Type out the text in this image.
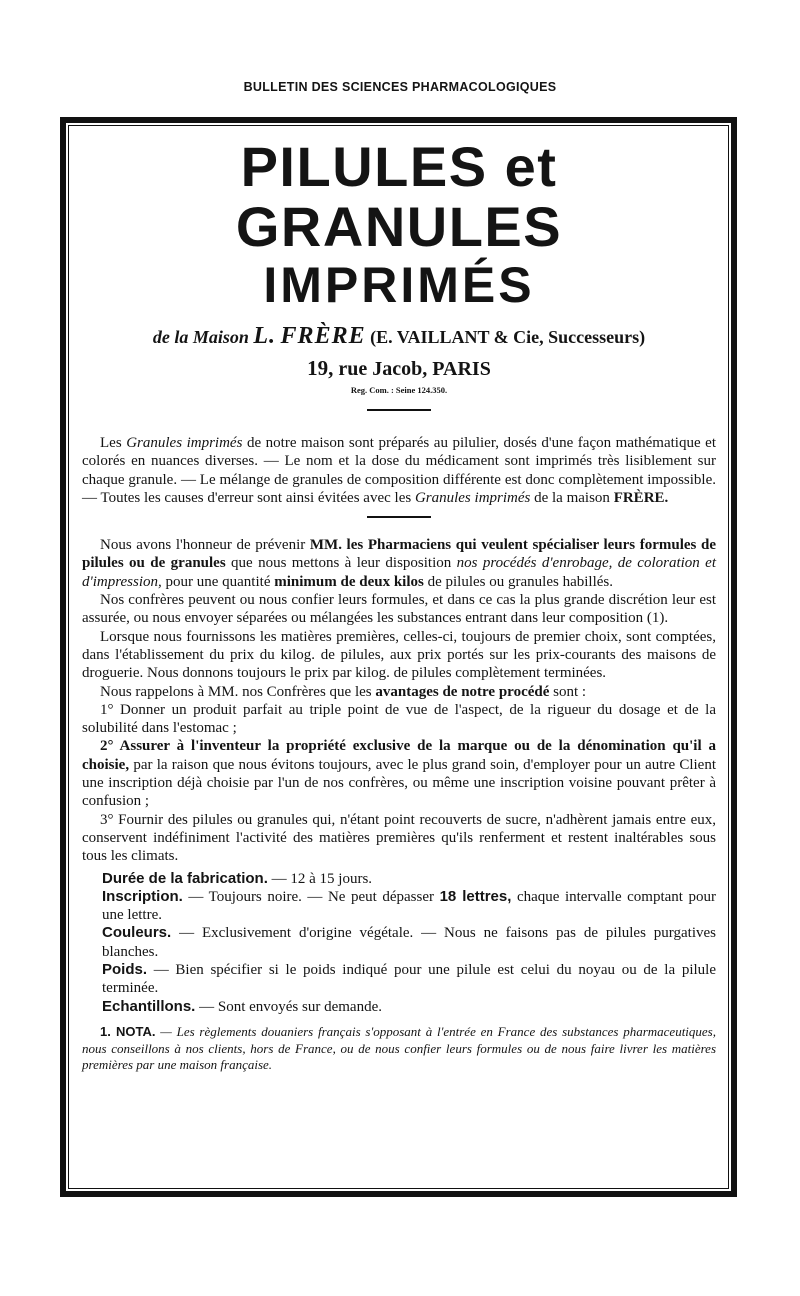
BULLETIN DES SCIENCES PHARMACOLOGIQUES
PILULES et GRANULES
IMPRIMÉS
de la Maison L. FRÈRE (E. VAILLANT & Cie, Successeurs)
19, rue Jacob, PARIS
Reg. Com. : Seine 124.350.

Les Granules imprimés de notre maison sont préparés au pilulier, dosés d'une façon mathématique et colorés en nuances diverses. — Le nom et la dose du médicament sont imprimés très lisiblement sur chaque granule. — Le mélange de granules de composition différente est donc complètement impossible. — Toutes les causes d'erreur sont ainsi évitées avec les Granules imprimés de la maison FRÈRE.

Nous avons l'honneur de prévenir MM. les Pharmaciens qui veulent spécialiser leurs formules de pilules ou de granules que nous mettons à leur disposition nos procédés d'enrobage, de coloration et d'impression, pour une quantité minimum de deux kilos de pilules ou granules habillés.

Nos confrères peuvent ou nous confier leurs formules, et dans ce cas la plus grande discrétion leur est assurée, ou nous envoyer séparées ou mélangées les substances entrant dans leur composition (1).

Lorsque nous fournissons les matières premières, celles-ci, toujours de premier choix, sont comptées, dans l'établissement du prix du kilog. de pilules, aux prix portés sur les prix-courants des maisons de droguerie. Nous donnons toujours le prix par kilog. de pilules complètement terminées.

Nous rappelons à MM. nos Confrères que les avantages de notre procédé sont :

1° Donner un produit parfait au triple point de vue de l'aspect, de la rigueur du dosage et de la solubilité dans l'estomac ;

2° Assurer à l'inventeur la propriété exclusive de la marque ou de la dénomination qu'il a choisie, par la raison que nous évitons toujours, avec le plus grand soin, d'employer pour un autre Client une inscription déjà choisie par l'un de nos confrères, ou même une inscription voisine pouvant prêter à confusion ;

3° Fournir des pilules ou granules qui, n'étant point recouverts de sucre, n'adhèrent jamais entre eux, conservent indéfiniment l'activité des matières premières qu'ils renferment et restent inaltérables sous tous les climats.

Durée de la fabrication. — 12 à 15 jours.

Inscription. — Toujours noire. — Ne peut dépasser 18 lettres, chaque intervalle comptant pour une lettre.

Couleurs. — Exclusivement d'origine végétale. — Nous ne faisons pas de pilules purgatives blanches.

Poids. — Bien spécifier si le poids indiqué pour une pilule est celui du noyau ou de la pilule terminée.

Echantillons. — Sont envoyés sur demande.

1. NOTA. — Les règlements douaniers français s'opposant à l'entrée en France des substances pharmaceutiques, nous conseillons à nos clients, hors de France, ou de nous confier leurs formules ou de nous faire livrer les matières premières par une maison française.
